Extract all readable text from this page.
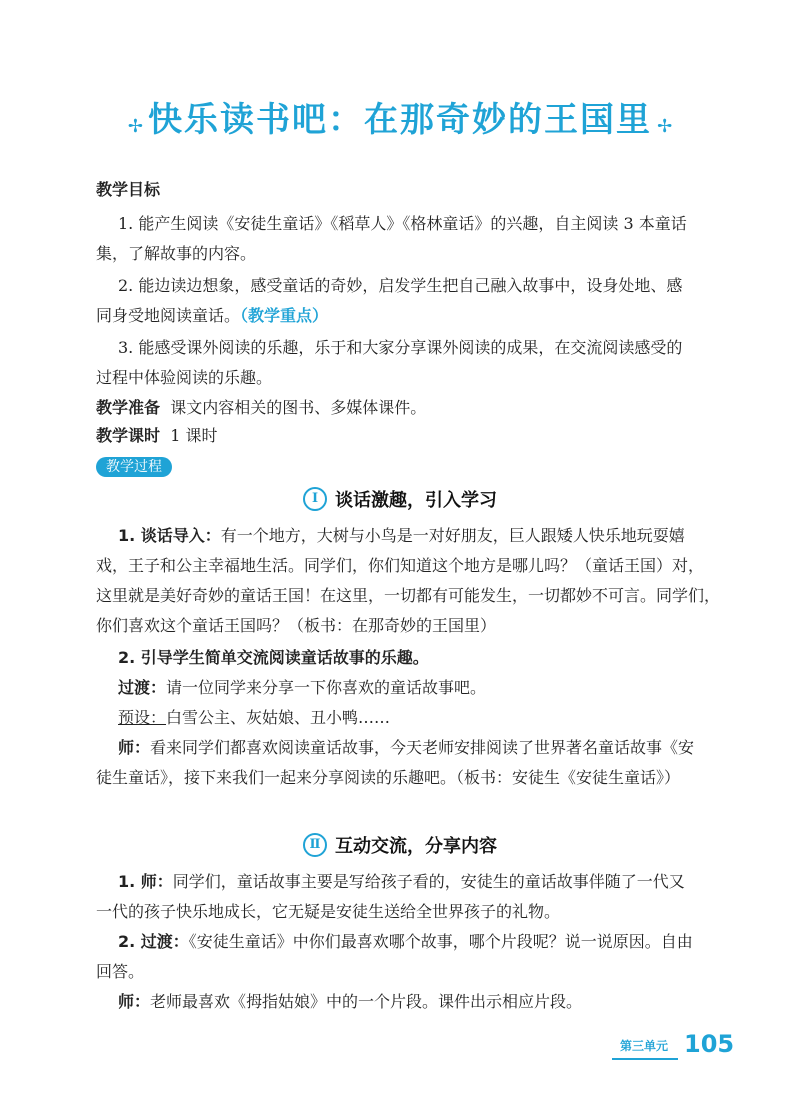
✢ 快乐读书吧：在那奇妙的王国里 ✢
教学目标
1. 能产生阅读《安徒生童话》《稻草人》《格林童话》的兴趣，自主阅读 3 本童话
集，了解故事的内容。
2. 能边读边想象，感受童话的奇妙，启发学生把自己融入故事中，设身处地、感
同身受地阅读童话。（教学重点）
3. 能感受课外阅读的乐趣，乐于和大家分享课外阅读的成果，在交流阅读感受的
过程中体验阅读的乐趣。
教学准备 课文内容相关的图书、多媒体课件。
教学课时 1 课时
教学过程
Ⅰ 谈话激趣，引入学习
1. 谈话导入：有一个地方，大树与小鸟是一对好朋友，巨人跟矮人快乐地玩耍嬉
戏，王子和公主幸福地生活。同学们，你们知道这个地方是哪儿吗？（童话王国）对，
这里就是美好奇妙的童话王国！在这里，一切都有可能发生，一切都妙不可言。同学们，
你们喜欢这个童话王国吗？（板书：在那奇妙的王国里）
2. 引导学生简单交流阅读童话故事的乐趣。
过渡：请一位同学来分享一下你喜欢的童话故事吧。
预设：白雪公主、灰姑娘、丑小鸭……
师：看来同学们都喜欢阅读童话故事，今天老师安排阅读了世界著名童话故事《安
徒生童话》，接下来我们一起来分享阅读的乐趣吧。（板书：安徒生《安徒生童话》）
Ⅱ 互动交流，分享内容
1. 师：同学们，童话故事主要是写给孩子看的，安徒生的童话故事伴随了一代又
一代的孩子快乐地成长，它无疑是安徒生送给全世界孩子的礼物。
2. 过渡：《安徒生童话》中你们最喜欢哪个故事，哪个片段呢？说一说原因。自由
回答。
师：老师最喜欢《拇指姑娘》中的一个片段。课件出示相应片段。
第三单元 105
